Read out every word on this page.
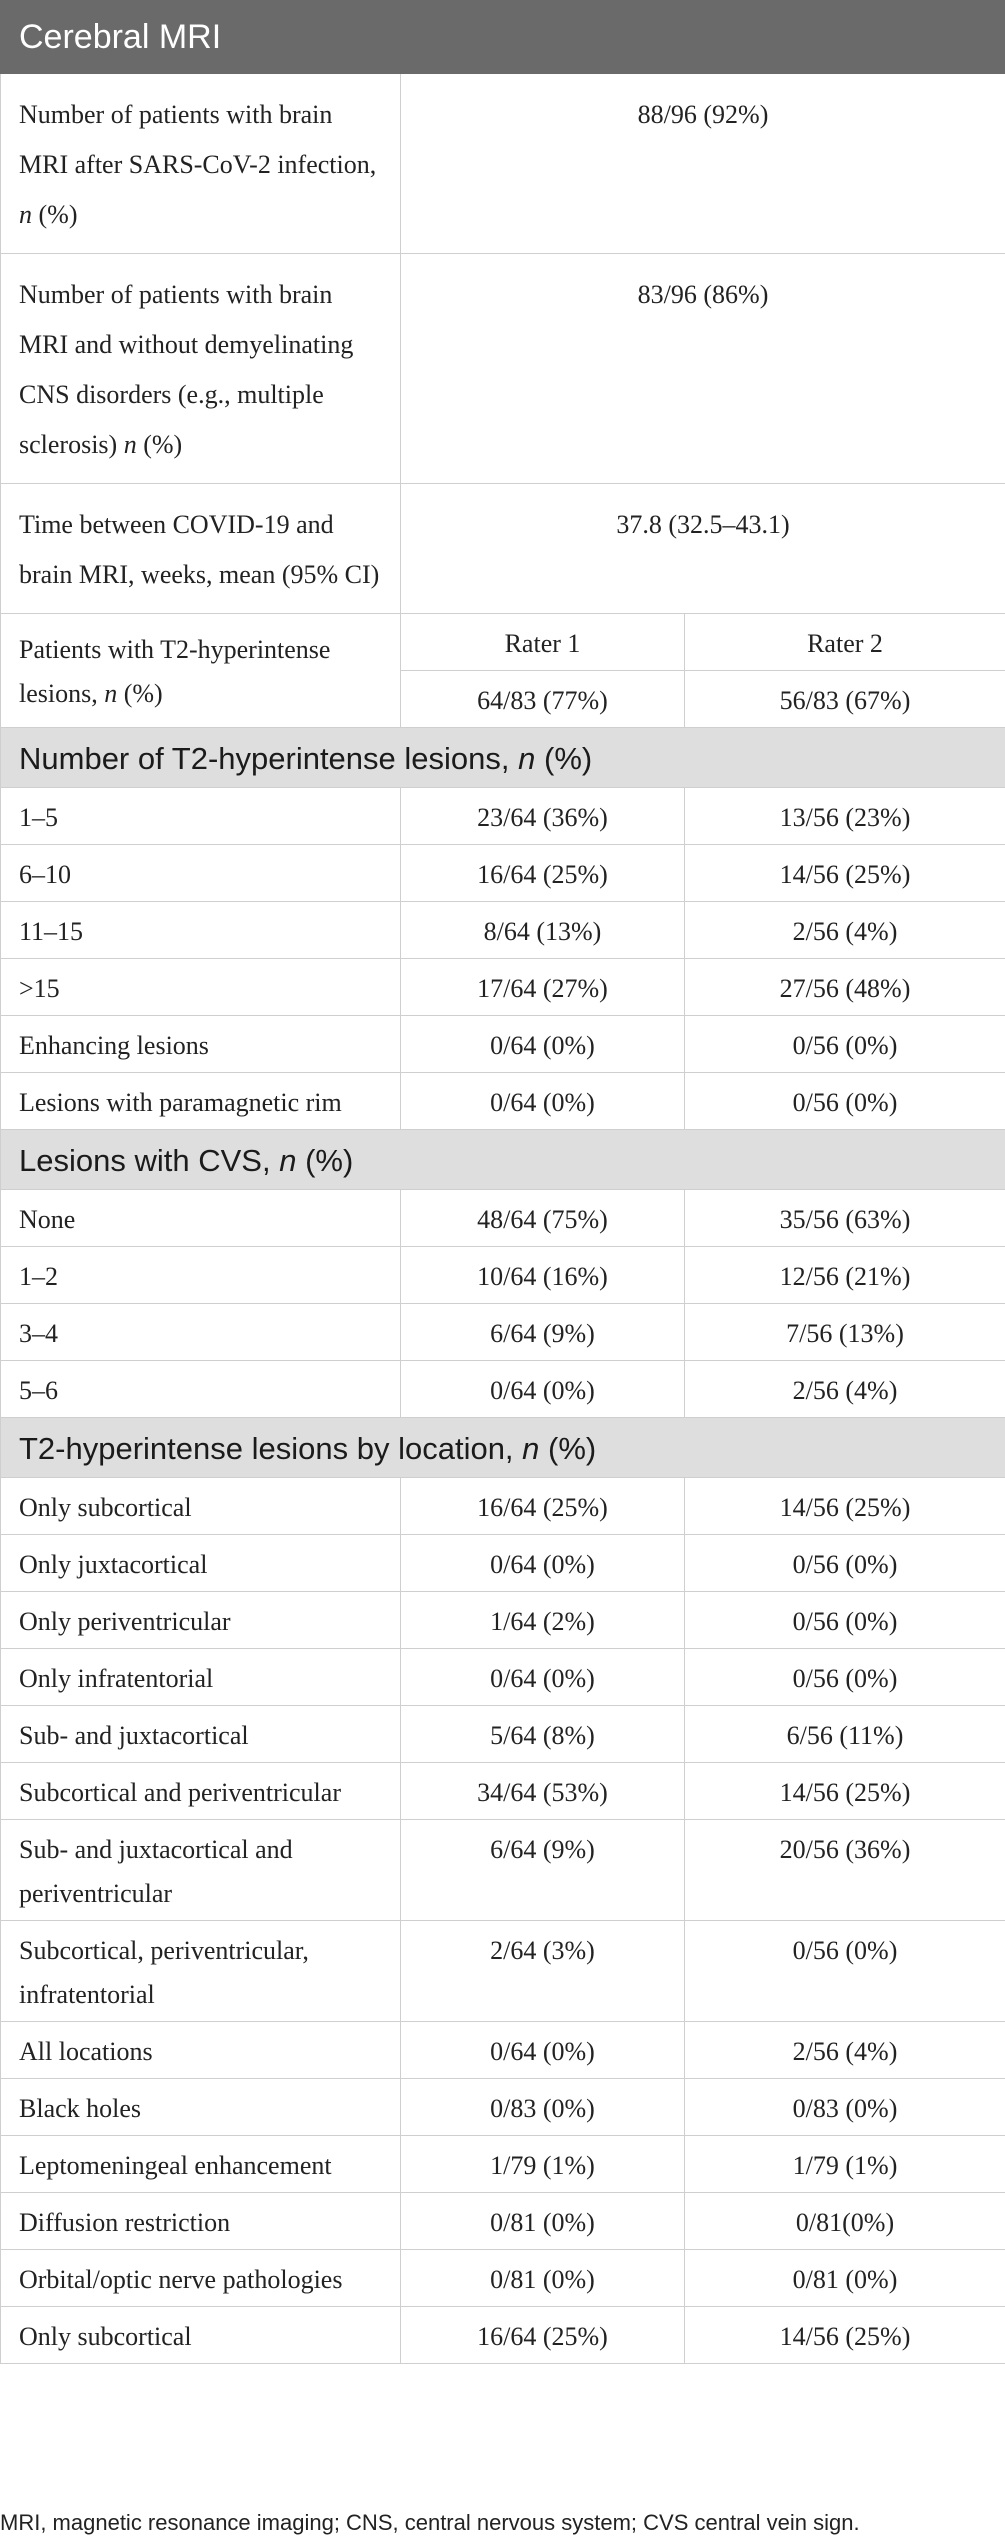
Cerebral MRI		
Number of patients with brain MRI after SARS-CoV-2 infection, n (%)	88/96 (92%)	
Number of patients with brain MRI and without demyelinating CNS disorders (e.g., multiple sclerosis) n (%)	83/96 (86%)	
Time between COVID-19 and brain MRI, weeks, mean (95% CI)	37.8 (32.5–43.1)	
Patients with T2-hyperintense lesions, n (%)	Rater 1	Rater 2
	64/83 (77%)	56/83 (67%)
Number of T2-hyperintense lesions, n (%)		
1–5	23/64 (36%)	13/56 (23%)
6–10	16/64 (25%)	14/56 (25%)
11–15	8/64 (13%)	2/56 (4%)
>15	17/64 (27%)	27/56 (48%)
Enhancing lesions	0/64 (0%)	0/56 (0%)
Lesions with paramagnetic rim	0/64 (0%)	0/56 (0%)
Lesions with CVS, n (%)		
None	48/64 (75%)	35/56 (63%)
1–2	10/64 (16%)	12/56 (21%)
3–4	6/64 (9%)	7/56 (13%)
5–6	0/64 (0%)	2/56 (4%)
T2-hyperintense lesions by location, n (%)		
Only subcortical	16/64 (25%)	14/56 (25%)
Only juxtacortical	0/64 (0%)	0/56 (0%)
Only periventricular	1/64 (2%)	0/56 (0%)
Only infratentorial	0/64 (0%)	0/56 (0%)
Sub- and juxtacortical	5/64 (8%)	6/56 (11%)
Subcortical and periventricular	34/64 (53%)	14/56 (25%)
Sub- and juxtacortical and periventricular	6/64 (9%)	20/56 (36%)
Subcortical, periventricular, infratentorial	2/64 (3%)	0/56 (0%)
All locations	0/64 (0%)	2/56 (4%)
Black holes	0/83 (0%)	0/83 (0%)
Leptomeningeal enhancement	1/79 (1%)	1/79 (1%)
Diffusion restriction	0/81 (0%)	0/81(0%)
Orbital/optic nerve pathologies	0/81 (0%)	0/81 (0%)
Only subcortical	16/64 (25%)	14/56 (25%)
MRI, magnetic resonance imaging; CNS, central nervous system; CVS central vein sign.
